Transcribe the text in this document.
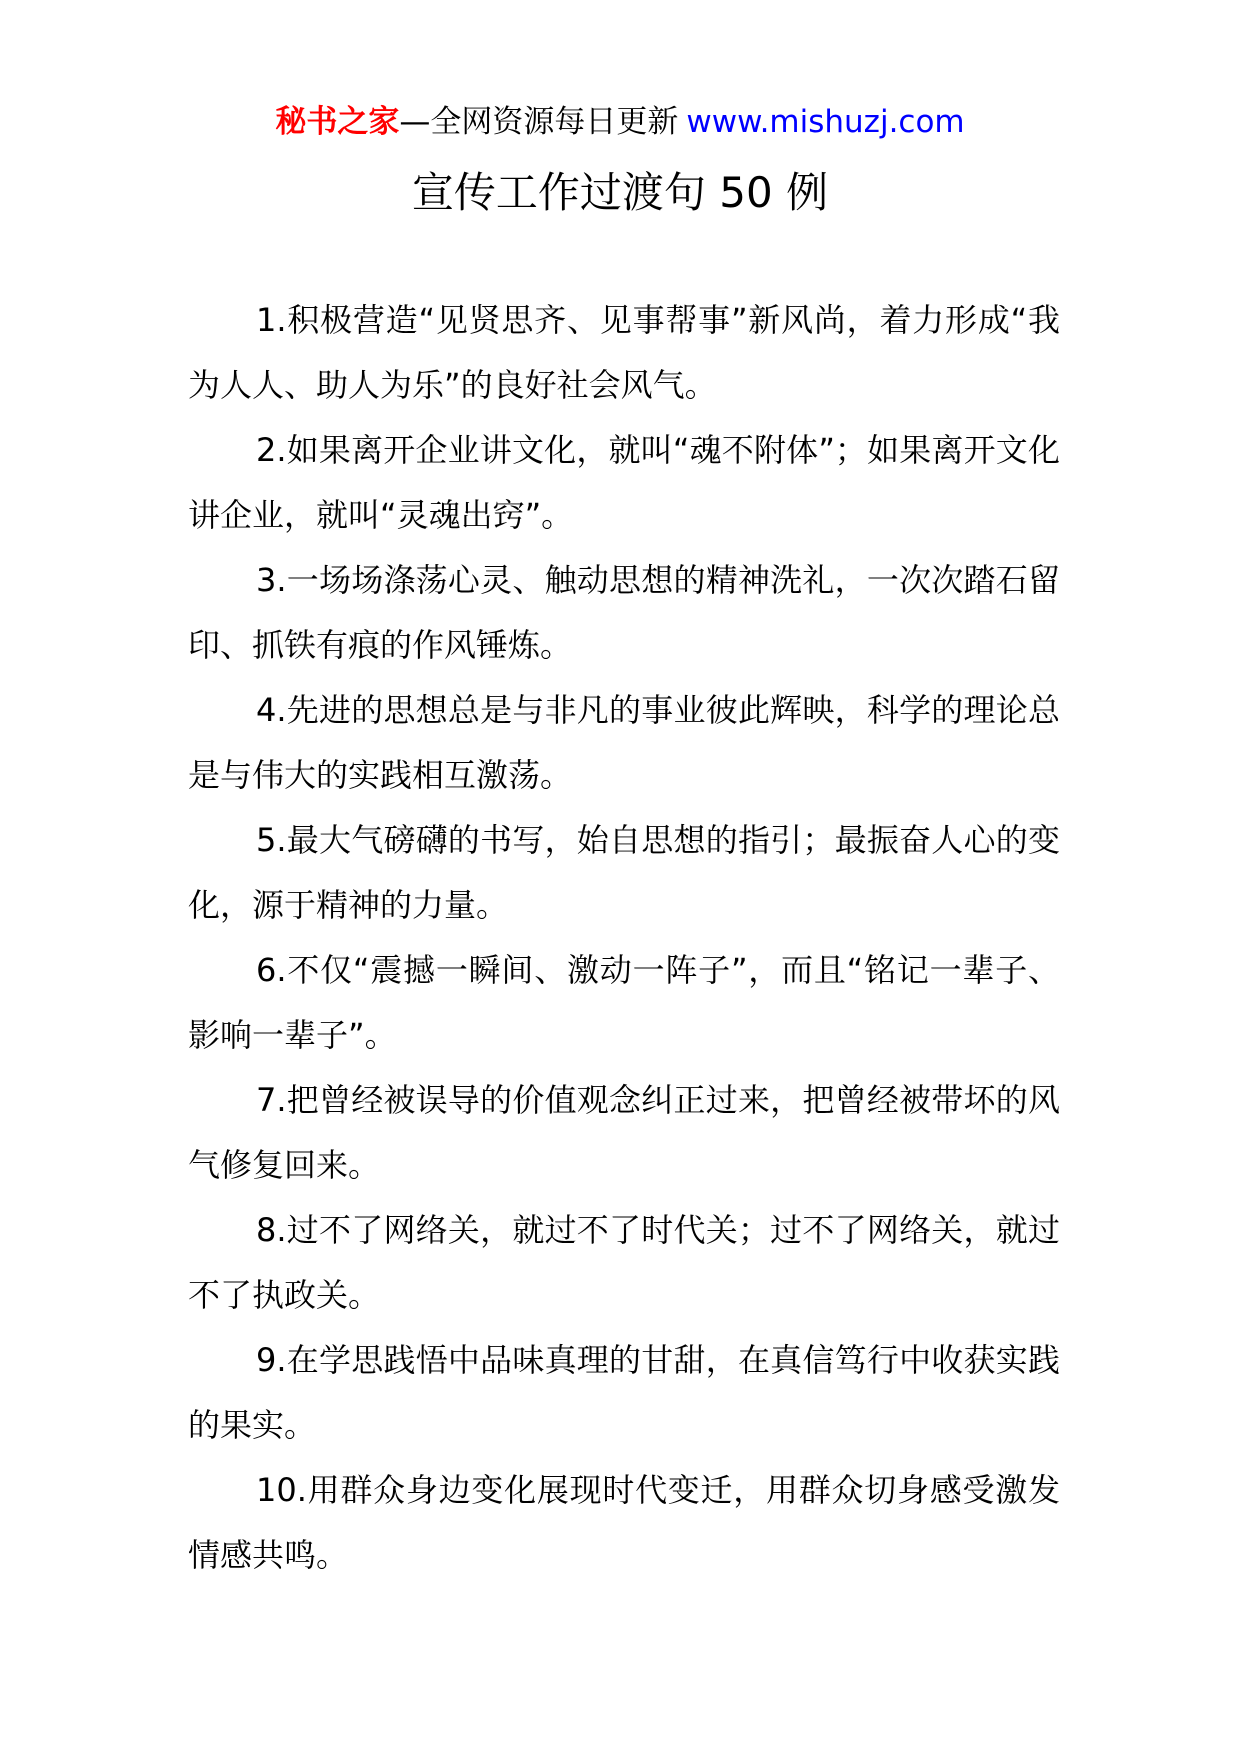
秘书之家—全网资源每日更新 www.mishuzj.com
宣传工作过渡句 50 例

1.积极营造“见贤思齐、见事帮事”新风尚，着力形成“我为人人、助人为乐”的良好社会风气。

2.如果离开企业讲文化，就叫“魂不附体”；如果离开文化讲企业，就叫“灵魂出窍”。

3.一场场涤荡心灵、触动思想的精神洗礼，一次次踏石留印、抓铁有痕的作风锤炼。

4.先进的思想总是与非凡的事业彼此辉映，科学的理论总是与伟大的实践相互激荡。

5.最大气磅礴的书写，始自思想的指引；最振奋人心的变化，源于精神的力量。

6.不仅“震撼一瞬间、激动一阵子”，而且“铭记一辈子、影响一辈子”。

7.把曾经被误导的价值观念纠正过来，把曾经被带坏的风气修复回来。

8.过不了网络关，就过不了时代关；过不了网络关，就过不了执政关。

9.在学思践悟中品味真理的甘甜，在真信笃行中收获实践的果实。

10.用群众身边变化展现时代变迁，用群众切身感受激发情感共鸣。
